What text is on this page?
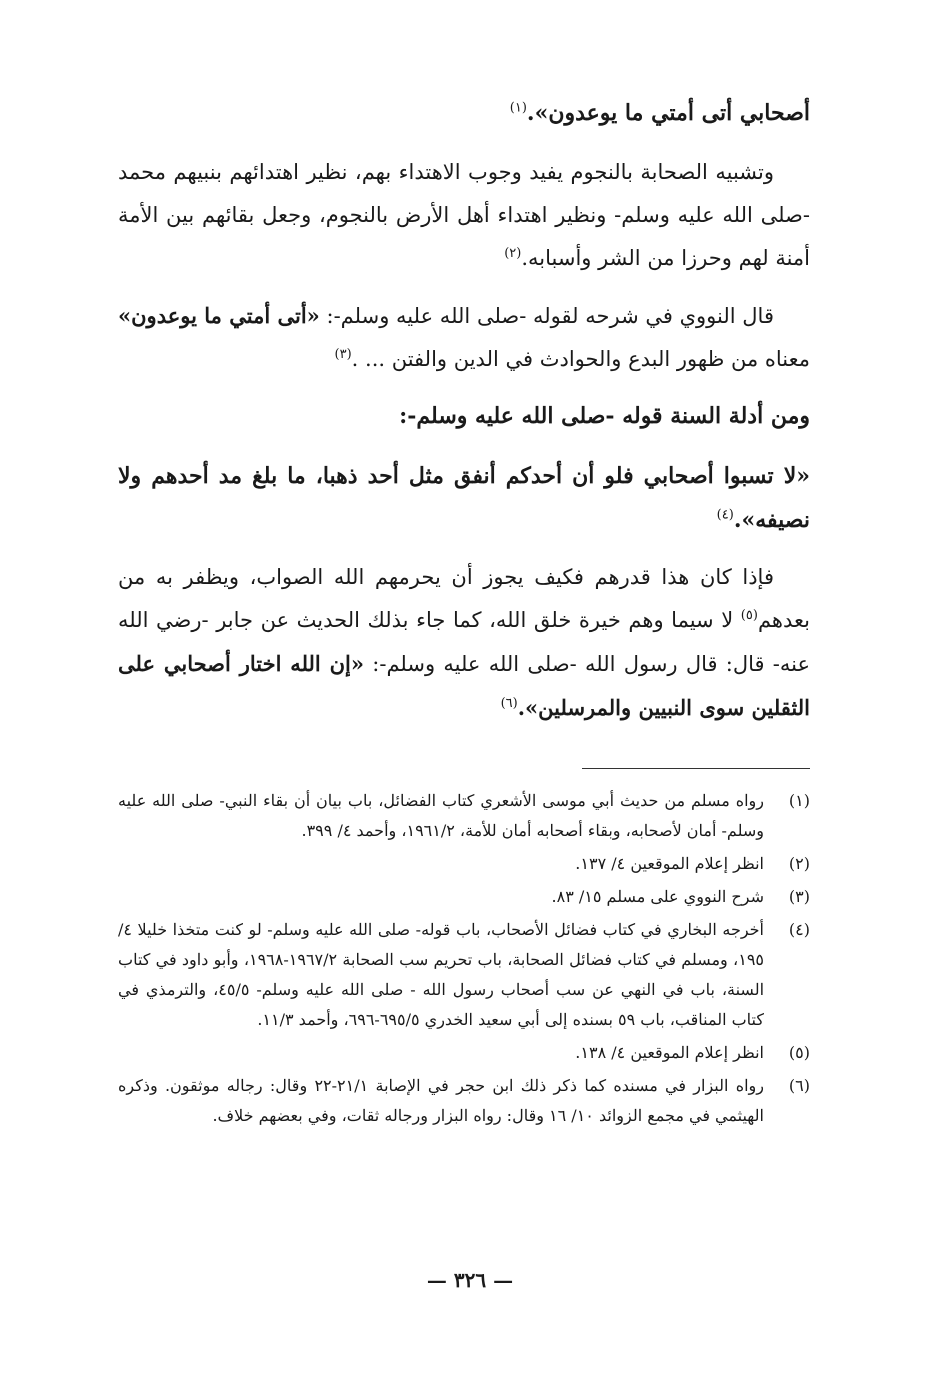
أصحابي أتى أمتي ما يوعدون».$^{(١)}$

وتشبيه الصحابة بالنجوم يفيد وجوب الاهتداء بهم، نظير اهتدائهم بنبيهم محمد -صلى الله عليه وسلم- ونظير اهتداء أهل الأرض بالنجوم، وجعل بقائهم بين الأمة أمنة لهم وحرزا من الشر وأسبابه.$^{(٢)}$

قال النووي في شرحه لقوله -صلى الله عليه وسلم-: «أتى أمتي ما يوعدون» معناه من ظهور البدع والحوادث في الدين والفتن ... .$^{(٣)}$

ومن أدلة السنة قوله -صلى الله عليه وسلم-:

«لا تسبوا أصحابي فلو أن أحدكم أنفق مثل أحد ذهبا، ما بلغ مد أحدهم ولا نصيفه».$^{(٤)}$

فإذا كان هذا قدرهم فكيف يجوز أن يحرمهم الله الصواب، ويظفر به من بعدهم$^{(٥)}$ لا سيما وهم خيرة خلق الله، كما جاء بذلك الحديث عن جابر -رضي الله عنه- قال: قال رسول الله -صلى الله عليه وسلم-: «إن الله اختار أصحابي على الثقلين سوى النبيين والمرسلين».$^{(٦)}$

(١)
رواه مسلم من حديث أبي موسى الأشعري كتاب الفضائل، باب بيان أن بقاء النبي- صلى الله عليه وسلم- أمان لأصحابه، وبقاء أصحابه أمان للأمة، ١٩٦١/٢، وأحمد ٤/ ٣٩٩.
(٢)
انظر إعلام الموقعين ٤/ ١٣٧.
(٣)
شرح النووي على مسلم ١٥/ ٨٣.
(٤)
أخرجه البخاري في كتاب فضائل الأصحاب، باب قوله- صلى الله عليه وسلم- لو كنت متخذا خليلا ٤/ ١٩٥، ومسلم في كتاب فضائل الصحابة، باب تحريم سب الصحابة ١٩٦٧/٢-١٩٦٨، وأبو داود في كتاب السنة، باب في النهي عن سب أصحاب رسول الله - صلى الله عليه وسلم- ٤٥/٥، والترمذي في كتاب المناقب، باب ٥٩ بسنده إلى أبي سعيد الخدري ٦٩٥/٥-٦٩٦، وأحمد ١١/٣.
(٥)
انظر إعلام الموقعين ٤/ ١٣٨.
(٦)
رواه البزار في مسنده كما ذكر ذلك ابن حجر في الإصابة ٢١/١-٢٢ وقال: رجاله موثقون. وذكره الهيثمي في مجمع الزوائد ١٠/ ١٦ وقال: رواه البزار ورجاله ثقات، وفي بعضهم خلاف.
— ٣٢٦ —
